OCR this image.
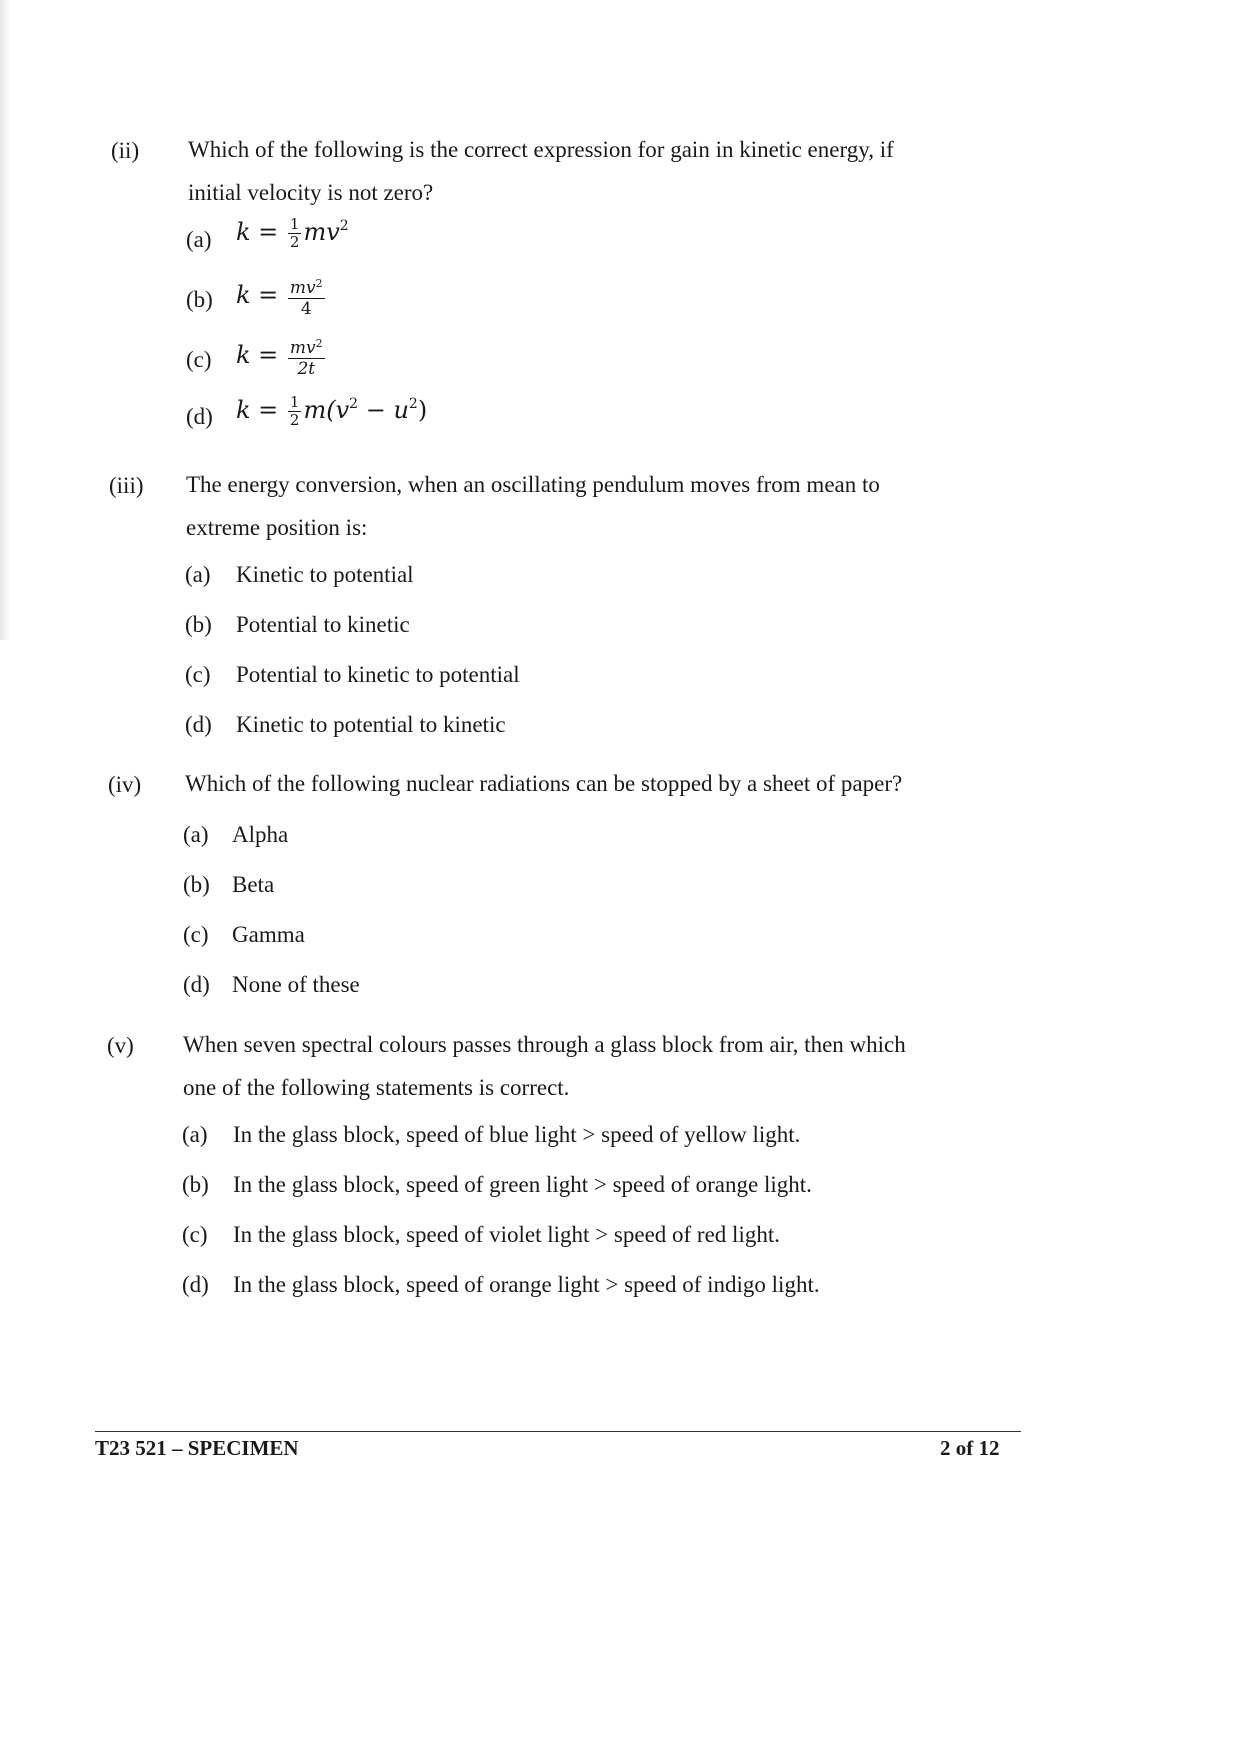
(ii) Which of the following is the correct expression for gain in kinetic energy, if initial velocity is not zero?
(a) $k = \frac{1}{2} mv^2$
(b) $k = \frac{mv^2}{4}$
(c) $k = \frac{mv^2}{2t}$
(d) $k = \frac{1}{2} m(v^2 - u^2)$
(iii) The energy conversion, when an oscillating pendulum moves from mean to extreme position is:
(a) Kinetic to potential
(b) Potential to kinetic
(c) Potential to kinetic to potential
(d) Kinetic to potential to kinetic
(iv) Which of the following nuclear radiations can be stopped by a sheet of paper?
(a) Alpha
(b) Beta
(c) Gamma
(d) None of these
(v) When seven spectral colours passes through a glass block from air, then which one of the following statements is correct.
(a) In the glass block, speed of blue light > speed of yellow light.
(b) In the glass block, speed of green light > speed of orange light.
(c) In the glass block, speed of violet light > speed of red light.
(d) In the glass block, speed of orange light > speed of indigo light.
T23 521 – SPECIMEN	2 of 12
